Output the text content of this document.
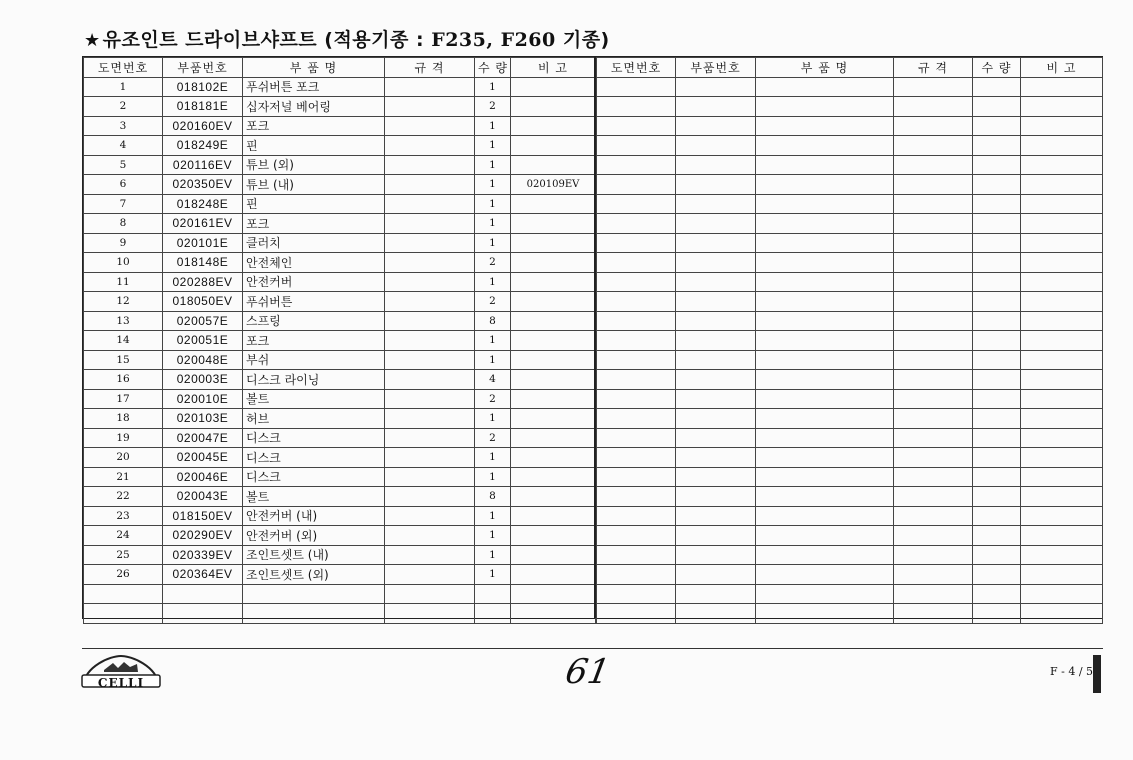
★ 유조인트 드라이브샤프트 (적용기종 : F235, F260 기종)
도면번호	부품번호	부 품 명	규 격	수 량	비 고
1	018102E	푸쉬버튼 포크		1	
2	018181E	십자저널 베어링		2	
3	020160EV	포크		1	
4	018249E	핀		1	
5	020116EV	튜브 (외)		1	
6	020350EV	튜브 (내)		1	020109EV
7	018248E	핀		1	
8	020161EV	포크		1	
9	020101E	클러치		1	
10	018148E	안전체인		2	
11	020288EV	안전커버		1	
12	018050EV	푸쉬버튼		2	
13	020057E	스프링		8	
14	020051E	포크		1	
15	020048E	부쉬		1	
16	020003E	디스크 라이닝		4	
17	020010E	볼트		2	
18	020103E	허브		1	
19	020047E	디스크		2	
20	020045E	디스크		1	
21	020046E	디스크		1	
22	020043E	볼트		8	
23	018150EV	안전커버 (내)		1	
24	020290EV	안전커버 (외)		1	
25	020339EV	조인트셋트 (내)		1	
26	020364EV	조인트셋트 (외)		1	

도면번호	부품번호	부 품 명	규 격	수 량	비 고

CELLI	61	F - 4 / 5
